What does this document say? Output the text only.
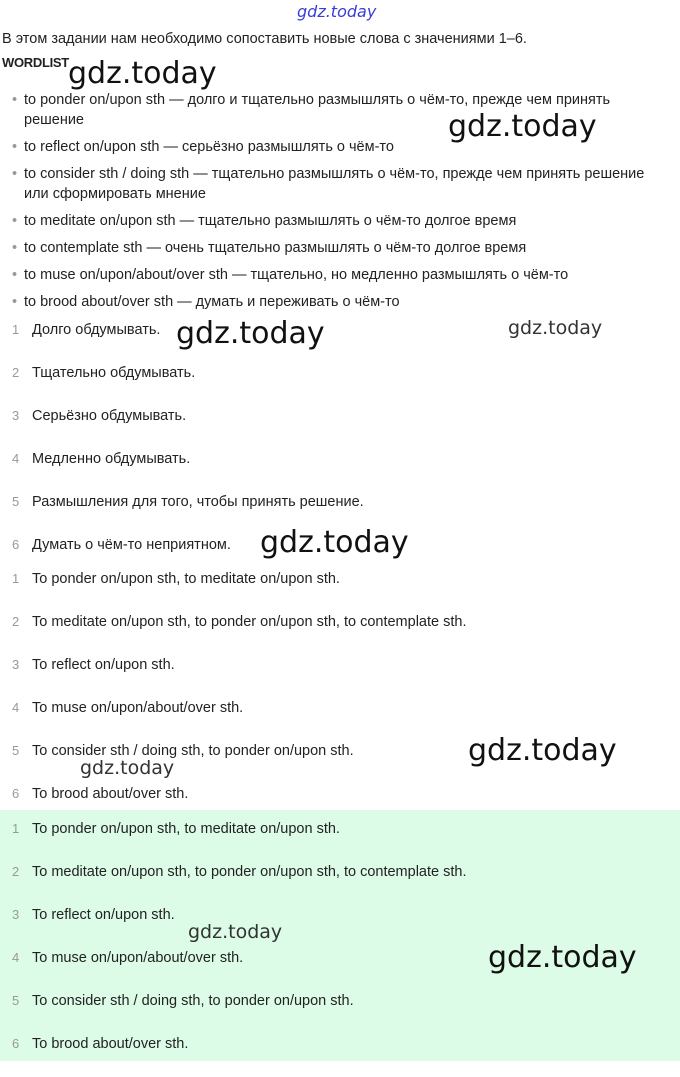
gdz.today
В этом задании нам необходимо сопоставить новые слова с значениями 1–6.
WORDLIST
• to ponder on/upon sth — долго и тщательно размышлять о чём-то, прежде чем принять решение
• to reflect on/upon sth — серьёзно размышлять о чём-то
• to consider sth / doing sth — тщательно размышлять о чём-то, прежде чем принять решение или сформировать мнение
• to meditate on/upon sth — тщательно размышлять о чём-то долгое время
• to contemplate sth — очень тщательно размышлять о чём-то долгое время
• to muse on/upon/about/over sth — тщательно, но медленно размышлять о чём-то
• to brood about/over sth — думать и переживать о чём-то
1 Долго обдумывать.
2 Тщательно обдумывать.
3 Серьёзно обдумывать.
4 Медленно обдумывать.
5 Размышления для того, чтобы принять решение.
6 Думать о чём-то неприятном.
1 To ponder on/upon sth, to meditate on/upon sth.
2 To meditate on/upon sth, to ponder on/upon sth, to contemplate sth.
3 To reflect on/upon sth.
4 To muse on/upon/about/over sth.
5 To consider sth / doing sth, to ponder on/upon sth.
6 To brood about/over sth.
1 To ponder on/upon sth, to meditate on/upon sth.
2 To meditate on/upon sth, to ponder on/upon sth, to contemplate sth.
3 To reflect on/upon sth.
4 To muse on/upon/about/over sth.
5 To consider sth / doing sth, to ponder on/upon sth.
6 To brood about/over sth.
gdz.today
gdz.today
gdz.today	gdz.today
gdz.today
gdz.today
gdz.today
gdz.today
gdz.today
